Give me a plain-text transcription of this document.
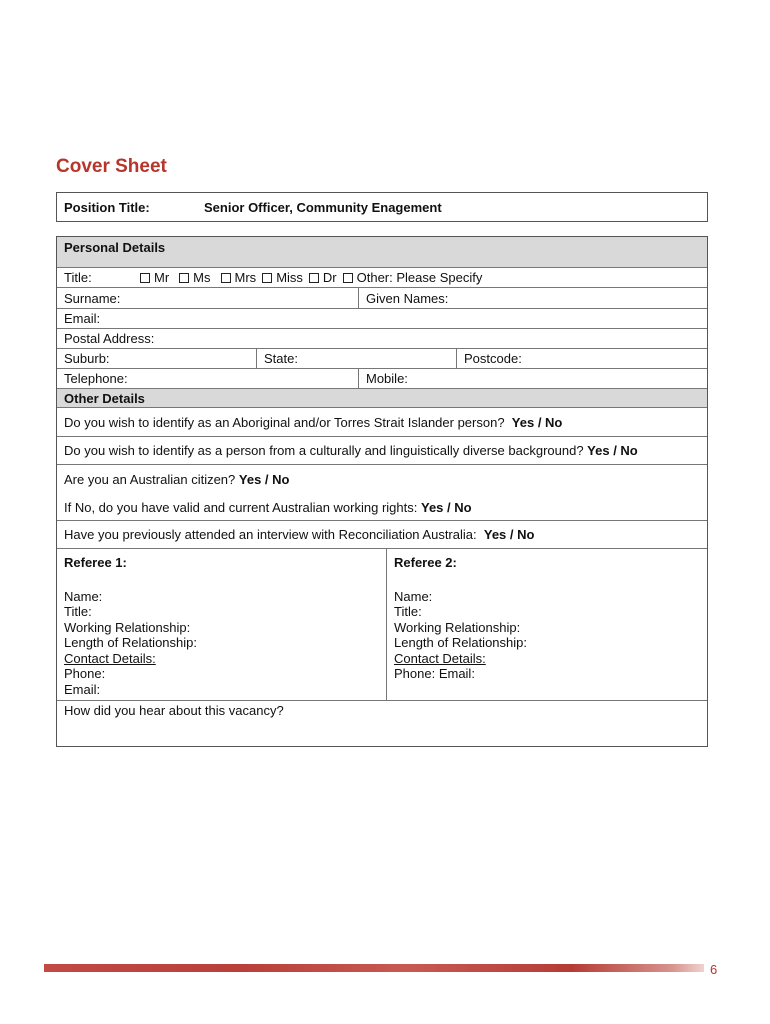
Cover Sheet
Position Title:	Senior Officer, Community Enagement
Personal Details
Title:	Mr	Ms	Mrs	Miss	Dr	Other: Please Specify
Surname:	Given Names:
Email:
Postal Address:
Suburb:	State:	Postcode:
Telephone:	Mobile:
Other Details
Do you wish to identify as an Aboriginal and/or Torres Strait Islander person?
Yes / No
Do you wish to identify as a person from a culturally and linguistically diverse background?
Yes / No
Are you an Australian citizen?
Yes / No
If No, do you have valid and current Australian working rights:
Yes / No
Have you previously attended an interview with Reconciliation Australia:
Yes / No
Referee 1:
Name:
Title:
Working Relationship:
Length of Relationship:
Contact Details:
Phone:
Email:
Referee 2:
Name:
Title:
Working Relationship:
Length of Relationship:
Contact Details:
Phone: Email:
How did you hear about this vacancy?
6
